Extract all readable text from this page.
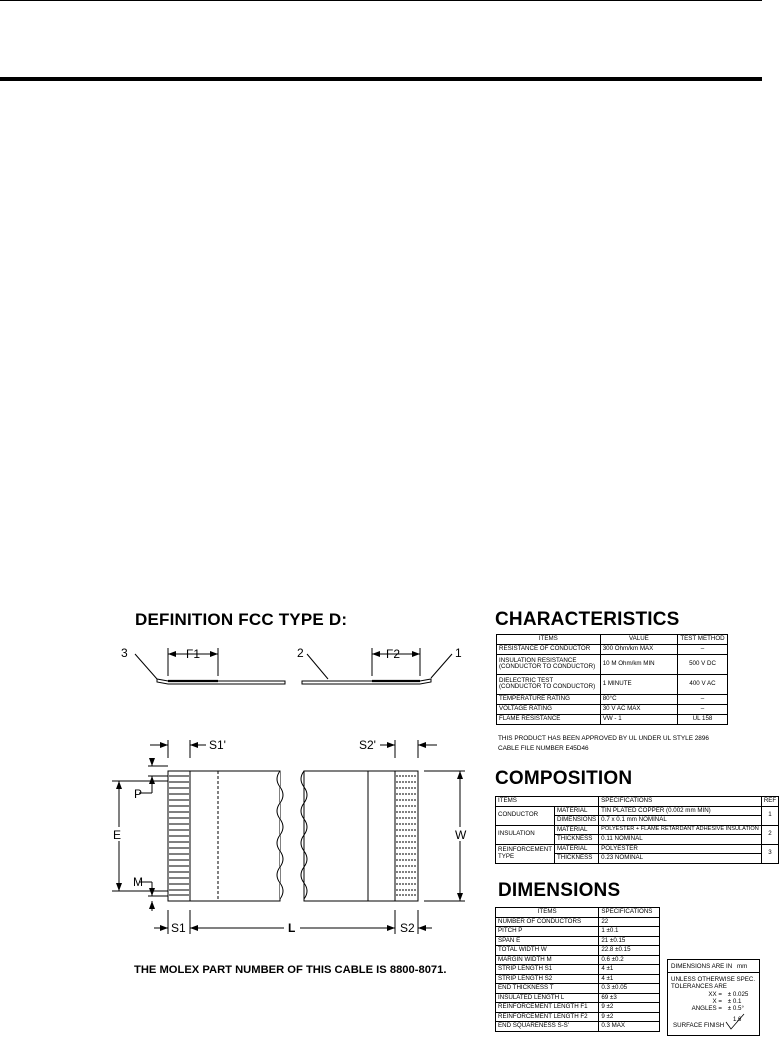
DEFINITION FCC TYPE D:	CHARACTERISTICS
COMPOSITION
DIMENSIONS
3	2	1
F1	F2
S1'	S2'
P
E
M
W
S1	L	S2
THE MOLEX PART NUMBER OF THIS CABLE IS 8800-8071.
ITEMS	VALUE	TEST METHOD
RESISTANCE OF CONDUCTOR	300 Ohm/km MAX	–
INSULATION RESISTANCE
(CONDUCTOR TO CONDUCTOR)	10 M Ohm/km MIN	500 V DC
DIELECTRIC TEST
(CONDUCTOR TO CONDUCTOR)	1 MINUTE	400 V AC
TEMPERATURE RATING	80°C	–
VOLTAGE RATING	30 V AC MAX	–
FLAME RESISTANCE	VW - 1	UL 158
THIS PRODUCT HAS BEEN APPROVED BY UL UNDER UL STYLE 2896
CABLE FILE NUMBER E45D46
ITEMS		SPECIFICATIONS	REF
CONDUCTOR	MATERIAL	TIN PLATED COPPER (0.002 mm MIN)	1
	DIMENSIONS	0.7 x 0.1 mm NOMINAL	
INSULATION	MATERIAL	POLYESTER + FLAME RETARDANT ADHESIVE INSULATION	2
	THICKNESS	0.11 NOMINAL	
REINFORCEMENT
TYPE	MATERIAL	POLYESTER	3
	THICKNESS	0.23 NOMINAL	
ITEMS	SPECIFICATIONS
NUMBER OF CONDUCTORS	22
PITCH P	1 ±0.1
SPAN E	21 ±0.15
TOTAL WIDTH W	22.8 ±0.15
MARGIN WIDTH M	0.6 ±0.2
STRIP LENGTH S1	4 ±1
STRIP LENGTH S2	4 ±1
END THICKNESS T	0.3 ±0.05
INSULATED LENGTH L	69 ±3
REINFORCEMENT LENGTH F1	9 ±2
REINFORCEMENT LENGTH F2	9 ±2
END SQUARENESS S-S'	0.3 MAX
DIMENSIONS ARE IN mm
UNLESS OTHERWISE SPEC.
TOLERANCES ARE
XX = ± 0.025
X = ± 0.1
ANGLES = ± 0.5°
SURFACE FINISH
1.6
